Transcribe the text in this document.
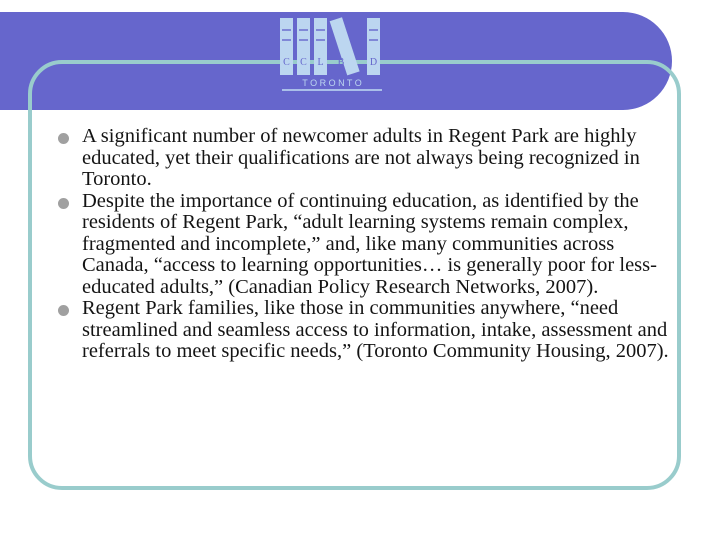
C C L B	D
T O R O N T O
A significant number of newcomer adults in Regent Park are highly educated, yet their qualifications are not always being recognized in Toronto.
Despite the importance of continuing education, as identified by the residents of Regent Park, “adult learning systems remain complex, fragmented and incomplete,” and, like many communities across Canada, “access to learning opportunities… is generally poor for less-educated adults,” (Canadian Policy Research Networks, 2007).
Regent Park families, like those in communities anywhere, “need streamlined and seamless access to information, intake, assessment and referrals to meet specific needs,” (Toronto Community Housing, 2007).
